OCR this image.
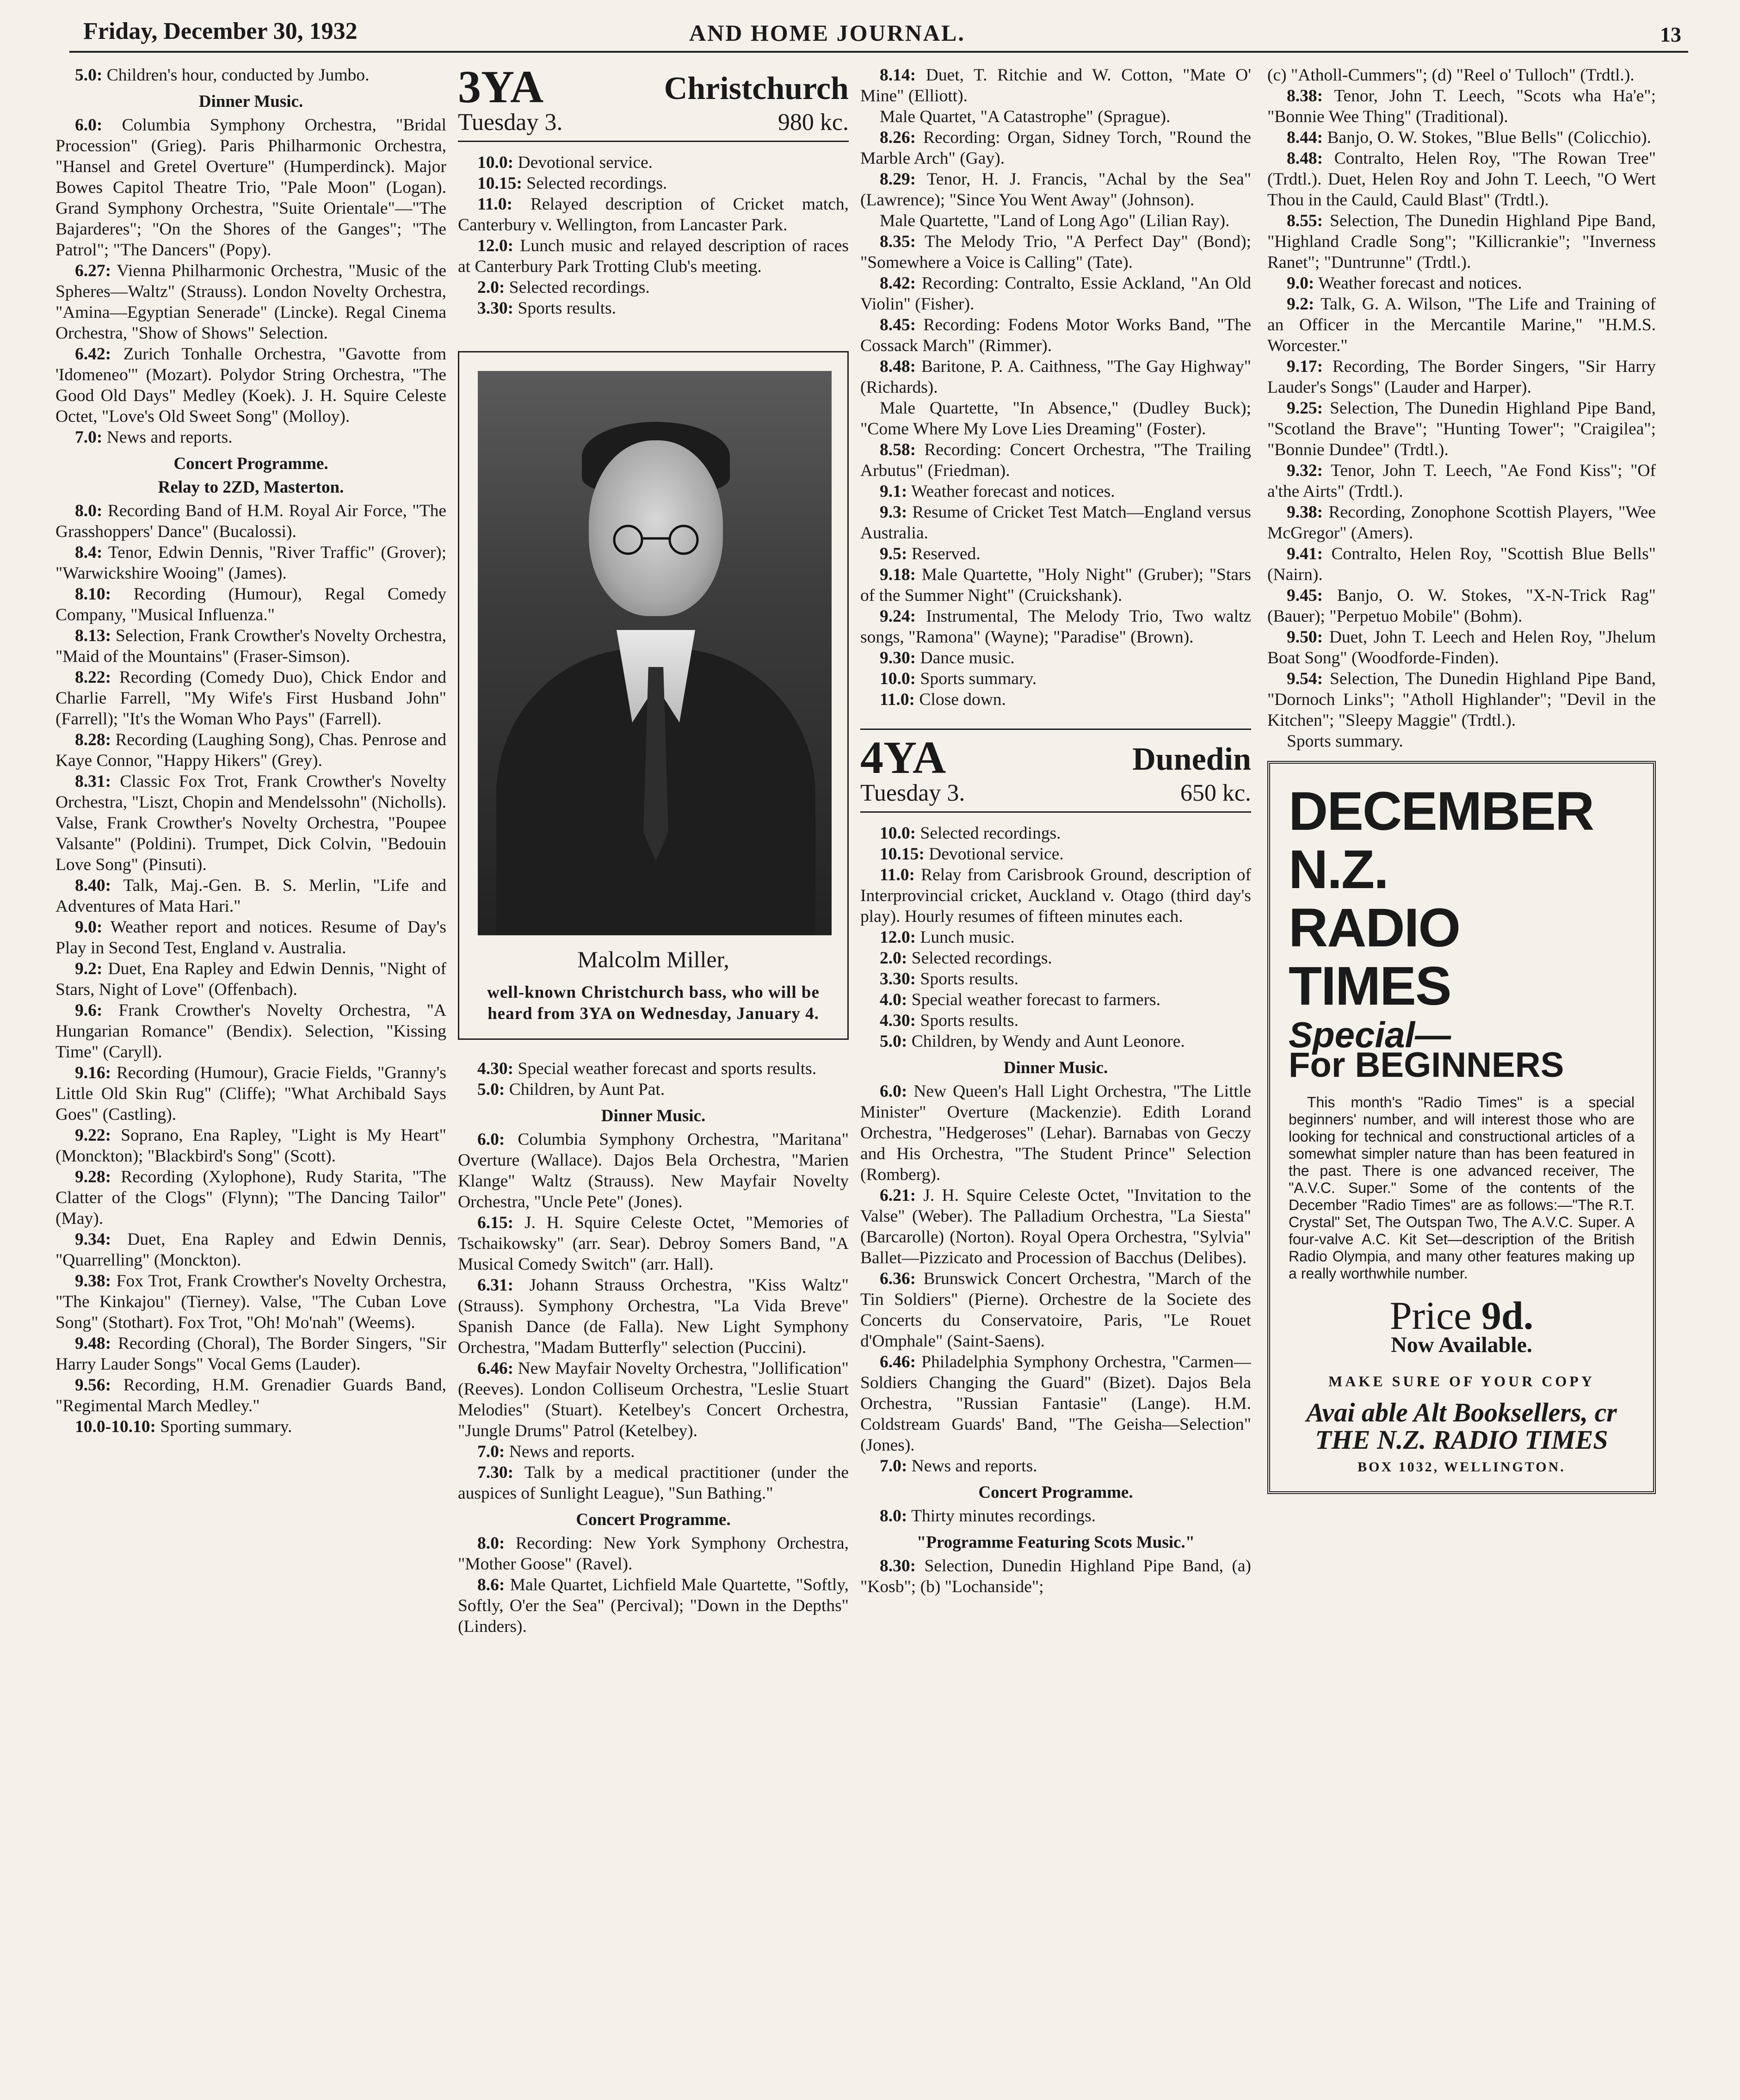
Friday, December 30, 1932	AND HOME JOURNAL.	13

5.0: Children's hour, conducted by Jumbo.

Dinner Music.

6.0: Columbia Symphony Orchestra, "Bridal Procession" (Grieg). Paris Philharmonic Orchestra, "Hansel and Gretel Overture" (Humperdinck). Major Bowes Capitol Theatre Trio, "Pale Moon" (Logan). Grand Symphony Orchestra, "Suite Orientale"—"The Bajarderes"; "On the Shores of the Ganges"; "The Patrol"; "The Dancers" (Popy).

6.27: Vienna Philharmonic Orchestra, "Music of the Spheres—Waltz" (Strauss). London Novelty Orchestra, "Amina—Egyptian Senerade" (Lincke). Regal Cinema Orchestra, "Show of Shows" Selection.

6.42: Zurich Tonhalle Orchestra, "Gavotte from 'Idomeneo'" (Mozart). Polydor String Orchestra, "The Good Old Days" Medley (Koek). J. H. Squire Celeste Octet, "Love's Old Sweet Song" (Molloy).

7.0: News and reports.

Concert Programme.
Relay to 2ZD, Masterton.

8.0: Recording Band of H.M. Royal Air Force, "The Grasshoppers' Dance" (Bucalossi).

8.4: Tenor, Edwin Dennis, "River Traffic" (Grover); "Warwickshire Wooing" (James).

8.10: Recording (Humour), Regal Comedy Company, "Musical Influenza."

8.13: Selection, Frank Crowther's Novelty Orchestra, "Maid of the Mountains" (Fraser-Simson).

8.22: Recording (Comedy Duo), Chick Endor and Charlie Farrell, "My Wife's First Husband John" (Farrell); "It's the Woman Who Pays" (Farrell).

8.28: Recording (Laughing Song), Chas. Penrose and Kaye Connor, "Happy Hikers" (Grey).

8.31: Classic Fox Trot, Frank Crowther's Novelty Orchestra, "Liszt, Chopin and Mendelssohn" (Nicholls). Valse, Frank Crowther's Novelty Orchestra, "Poupee Valsante" (Poldini). Trumpet, Dick Colvin, "Bedouin Love Song" (Pinsuti).

8.40: Talk, Maj.-Gen. B. S. Merlin, "Life and Adventures of Mata Hari."

9.0: Weather report and notices. Resume of Day's Play in Second Test, England v. Australia.

9.2: Duet, Ena Rapley and Edwin Dennis, "Night of Stars, Night of Love" (Offenbach).

9.6: Frank Crowther's Novelty Orchestra, "A Hungarian Romance" (Bendix). Selection, "Kissing Time" (Caryll).

9.16: Recording (Humour), Gracie Fields, "Granny's Little Old Skin Rug" (Cliffe); "What Archibald Says Goes" (Castling).

9.22: Soprano, Ena Rapley, "Light is My Heart" (Monckton); "Blackbird's Song" (Scott).

9.28: Recording (Xylophone), Rudy Starita, "The Clatter of the Clogs" (Flynn); "The Dancing Tailor" (May).

9.34: Duet, Ena Rapley and Edwin Dennis, "Quarrelling" (Monckton).

9.38: Fox Trot, Frank Crowther's Novelty Orchestra, "The Kinkajou" (Tierney). Valse, "The Cuban Love Song" (Stothart). Fox Trot, "Oh! Mo'nah" (Weems).

9.48: Recording (Choral), The Border Singers, "Sir Harry Lauder Songs" Vocal Gems (Lauder).

9.56: Recording, H.M. Grenadier Guards Band, "Regimental March Medley."

10.0-10.10: Sporting summary.

3YA	Christchurch
Tuesday 3.	980 kc.

10.0: Devotional service.

10.15: Selected recordings.

11.0: Relayed description of Cricket match, Canterbury v. Wellington, from Lancaster Park.

12.0: Lunch music and relayed description of races at Canterbury Park Trotting Club's meeting.

2.0: Selected recordings.

3.30: Sports results.

Malcolm Miller,
well-known Christchurch bass, who will be heard from 3YA on Wednesday, January 4.

4.30: Special weather forecast and sports results.

5.0: Children, by Aunt Pat.

Dinner Music.

6.0: Columbia Symphony Orchestra, "Maritana" Overture (Wallace). Dajos Bela Orchestra, "Marien Klange" Waltz (Strauss). New Mayfair Novelty Orchestra, "Uncle Pete" (Jones).

6.15: J. H. Squire Celeste Octet, "Memories of Tschaikowsky" (arr. Sear). Debroy Somers Band, "A Musical Comedy Switch" (arr. Hall).

6.31: Johann Strauss Orchestra, "Kiss Waltz" (Strauss). Symphony Orchestra, "La Vida Breve" Spanish Dance (de Falla). New Light Symphony Orchestra, "Madam Butterfly" selection (Puccini).

6.46: New Mayfair Novelty Orchestra, "Jollification" (Reeves). London Colliseum Orchestra, "Leslie Stuart Melodies" (Stuart). Ketelbey's Concert Orchestra, "Jungle Drums" Patrol (Ketelbey).

7.0: News and reports.

7.30: Talk by a medical practitioner (under the auspices of Sunlight League), "Sun Bathing."

Concert Programme.

8.0: Recording: New York Symphony Orchestra, "Mother Goose" (Ravel).

8.6: Male Quartet, Lichfield Male Quartette, "Softly, Softly, O'er the Sea" (Percival); "Down in the Depths" (Linders).

8.14: Duet, T. Ritchie and W. Cotton, "Mate O' Mine" (Elliott).

Male Quartet, "A Catastrophe" (Sprague).

8.26: Recording: Organ, Sidney Torch, "Round the Marble Arch" (Gay).

8.29: Tenor, H. J. Francis, "Achal by the Sea" (Lawrence); "Since You Went Away" (Johnson).

Male Quartette, "Land of Long Ago" (Lilian Ray).

8.35: The Melody Trio, "A Perfect Day" (Bond); "Somewhere a Voice is Calling" (Tate).

8.42: Recording: Contralto, Essie Ackland, "An Old Violin" (Fisher).

8.45: Recording: Fodens Motor Works Band, "The Cossack March" (Rimmer).

8.48: Baritone, P. A. Caithness, "The Gay Highway" (Richards).

Male Quartette, "In Absence," (Dudley Buck); "Come Where My Love Lies Dreaming" (Foster).

8.58: Recording: Concert Orchestra, "The Trailing Arbutus" (Friedman).

9.1: Weather forecast and notices.

9.3: Resume of Cricket Test Match—England versus Australia.

9.5: Reserved.

9.18: Male Quartette, "Holy Night" (Gruber); "Stars of the Summer Night" (Cruickshank).

9.24: Instrumental, The Melody Trio, Two waltz songs, "Ramona" (Wayne); "Paradise" (Brown).

9.30: Dance music.

10.0: Sports summary.

11.0: Close down.

4YA	Dunedin
Tuesday 3.	650 kc.

10.0: Selected recordings.

10.15: Devotional service.

11.0: Relay from Carisbrook Ground, description of Interprovincial cricket, Auckland v. Otago (third day's play). Hourly resumes of fifteen minutes each.

12.0: Lunch music.

2.0: Selected recordings.

3.30: Sports results.

4.0: Special weather forecast to farmers.

4.30: Sports results.

5.0: Children, by Wendy and Aunt Leonore.

Dinner Music.

6.0: New Queen's Hall Light Orchestra, "The Little Minister" Overture (Mackenzie). Edith Lorand Orchestra, "Hedgeroses" (Lehar). Barnabas von Geczy and His Orchestra, "The Student Prince" Selection (Romberg).

6.21: J. H. Squire Celeste Octet, "Invitation to the Valse" (Weber). The Palladium Orchestra, "La Siesta" (Barcarolle) (Norton). Royal Opera Orchestra, "Sylvia" Ballet—Pizzicato and Procession of Bacchus (Delibes).

6.36: Brunswick Concert Orchestra, "March of the Tin Soldiers" (Pierne). Orchestre de la Societe des Concerts du Conservatoire, Paris, "Le Rouet d'Omphale" (Saint-Saens).

6.46: Philadelphia Symphony Orchestra, "Carmen—Soldiers Changing the Guard" (Bizet). Dajos Bela Orchestra, "Russian Fantasie" (Lange). H.M. Coldstream Guards' Band, "The Geisha—Selection" (Jones).

7.0: News and reports.

Concert Programme.

8.0: Thirty minutes recordings.

"Programme Featuring Scots Music."

8.30: Selection, Dunedin Highland Pipe Band, (a) "Kosb"; (b) "Lochanside";

(c) "Atholl-Cummers"; (d) "Reel o' Tulloch" (Trdtl.).

8.38: Tenor, John T. Leech, "Scots wha Ha'e"; "Bonnie Wee Thing" (Traditional).

8.44: Banjo, O. W. Stokes, "Blue Bells" (Colicchio).

8.48: Contralto, Helen Roy, "The Rowan Tree" (Trdtl.). Duet, Helen Roy and John T. Leech, "O Wert Thou in the Cauld, Cauld Blast" (Trdtl.).

8.55: Selection, The Dunedin Highland Pipe Band, "Highland Cradle Song"; "Killicrankie"; "Inverness Ranet"; "Duntrunne" (Trdtl.).

9.0: Weather forecast and notices.

9.2: Talk, G. A. Wilson, "The Life and Training of an Officer in the Mercantile Marine," "H.M.S. Worcester."

9.17: Recording, The Border Singers, "Sir Harry Lauder's Songs" (Lauder and Harper).

9.25: Selection, The Dunedin Highland Pipe Band, "Scotland the Brave"; "Hunting Tower"; "Craigilea"; "Bonnie Dundee" (Trdtl.).

9.32: Tenor, John T. Leech, "Ae Fond Kiss"; "Of a'the Airts" (Trdtl.).

9.38: Recording, Zonophone Scottish Players, "Wee McGregor" (Amers).

9.41: Contralto, Helen Roy, "Scottish Blue Bells" (Nairn).

9.45: Banjo, O. W. Stokes, "X-N-Trick Rag" (Bauer); "Perpetuo Mobile" (Bohm).

9.50: Duet, John T. Leech and Helen Roy, "Jhelum Boat Song" (Woodforde-Finden).

9.54: Selection, The Dunedin Highland Pipe Band, "Dornoch Links"; "Atholl Highlander"; "Devil in the Kitchen"; "Sleepy Maggie" (Trdtl.).

Sports summary.

DECEMBER
N.Z.
RADIO TIMES
Special—
For BEGINNERS
This month's "Radio Times" is a special beginners' number, and will interest those who are looking for technical and constructional articles of a somewhat simpler nature than has been featured in the past. There is one advanced receiver, The "A.V.C. Super." Some of the contents of the December "Radio Times" are as follows:—"The R.T. Crystal" Set, The Outspan Two, The A.V.C. Super. A four-valve A.C. Kit Set—description of the British Radio Olympia, and many other features making up a really worthwhile number.
Price 9d.
Now Available.
MAKE SURE OF YOUR COPY
Avai able Alt Booksellers, cr
THE N.Z. RADIO TIMES
BOX 1032, WELLINGTON.
